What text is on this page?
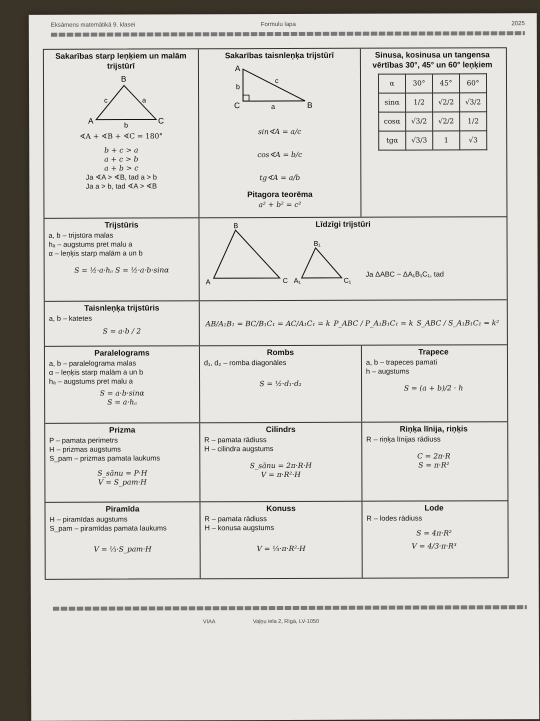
Eksāmens matemātikā 9. klasei	Formulu lapa	2025
Sakarības starp leņķiem un malām trijstūrī
A
B
C
a
b
c
∢A + ∢B + ∢C = 180°
b + c > a
a + c > b
a + b > c
Ja ∢A > ∢B, tad a > b
Ja a > b, tad ∢A > ∢B
Sakarības taisnleņķa trijstūrī
A
B
C	a
b
c
sin∢A = a/c
cos∢A = b/c
tg∢A = a/b
Pitagora teorēma
a² + b² = c²
Sinusa, kosinusa un tangensa vērtības 30°, 45° un 60° leņķiem
α	30°	45°	60°
sinα	1/2	√2/2	√3/2
cosα	√3/2	√2/2	1/2
tgα	√3/3	1	√3
Trijstūris
a, b – trijstūra malas
hₐ – augstums pret malu a
α – leņķis starp malām a un b
S = ½·a·hₐ S = ½·a·b·sinα
Līdzīgi trijstūri
B
A	C
B₁
A₁	C₁
Ja ΔABC ~ ΔA₁B₁C₁, tad
Taisnleņķa trijstūris
a, b – katetes
S = a·b / 2
AB/A₁B₁ = BC/B₁C₁ = AC/A₁C₁ = k P_ABC / P_A₁B₁C₁ = k S_ABC / S_A₁B₁C₁ = k²
Paralelograms
a, b – paralelograma malas
α – leņķis starp malām a un b
hₐ – augstums pret malu a
S = a·b·sinα
S = a·hₐ
Rombs
d₁, d₂ – romba diagonāles
S = ½·d₁·d₂
Trapece
a, b – trapeces pamati
h – augstums
S = (a + b)/2 · h
Prizma
P – pamata perimetrs
H – prizmas augstums
S_pam – prizmas pamata laukums
S_sānu = P·H
V = S_pam·H
Cilindrs
R – pamata rādiuss
H – cilindra augstums
S_sānu = 2π·R·H
V = π·R²·H
Riņķa līnija, riņķis
R – riņķa līnijas rādiuss
C = 2π·R
S = π·R²
Piramīda
H – piramīdas augstums
S_pam – piramīdas pamata laukums
V = ⅓·S_pam·H
Konuss
R – pamata rādiuss
H – konusa augstums
V = ⅓·π·R²·H
Lode
R – lodes rādiuss
S = 4π·R²
V = 4/3·π·R³
VIAA	Vaļņu iela 2, Rīgā, LV-1050
